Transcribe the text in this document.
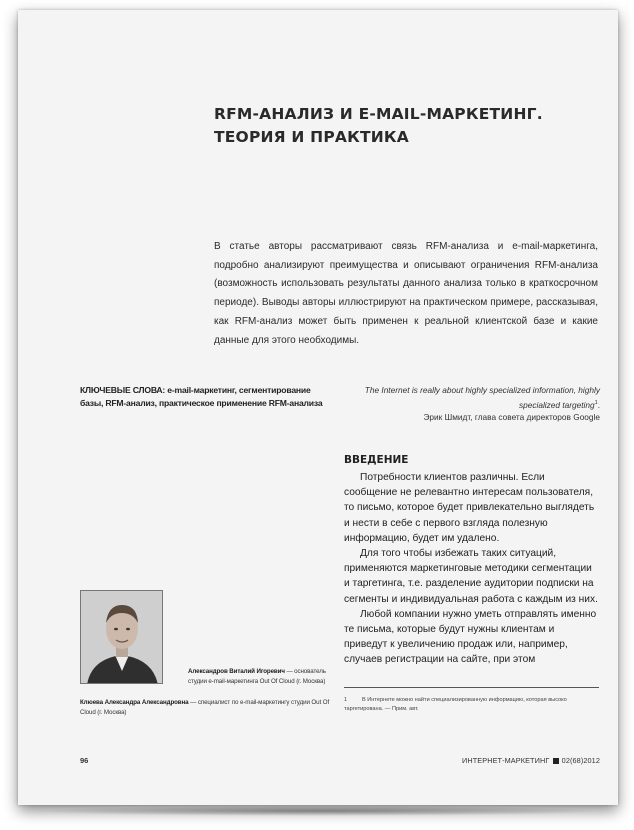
RFM-АНАЛИЗ И E-MAIL-МАРКЕТИНГ.
ТЕОРИЯ И ПРАКТИКА
В статье авторы рассматривают связь RFM-анализа и e-mail-маркетинга, подробно анализируют преимущества и описывают ограничения RFM-анализа (возможность использовать результаты данного анализа только в краткосрочном периоде). Выводы авторы иллюстрируют на практическом примере, рассказывая, как RFM-анализ может быть применен к реальной клиентской базе и какие данные для этого необходимы.
КЛЮЧЕВЫЕ СЛОВА: e-mail-маркетинг, сегментирование базы, RFM-анализ, практическое применение RFM-анализа
The Internet is really about highly specialized information, highly specialized targeting$^1$.
Эрик Шмидт, глава совета директоров Google
ВВЕДЕНИЕ

Потребности клиентов различны. Если сообщение не релевантно интересам пользователя, то письмо, которое будет привлекательно выглядеть и нести в себе с первого взгляда полезную информацию, будет им удалено.

Для того чтобы избежать таких ситуаций, применяются маркетинговые методики сегментации и таргетинга, т.е. разделение аудитории подписки на сегменты и индивидуальная работа с каждым из них.

Любой компании нужно уметь отправлять именно те письма, которые будут нужны клиентам и приведут к увеличению продаж или, например, случаев регистрации на сайте, при этом

Александров Виталий Игоревич — основатель студии e-mail-маркетинга Out Of Cloud (г. Москва)
Клюева Александра Александровна — специалист по e-mail-маркетингу студии Out Of Cloud (г. Москва)
1	В Интернете можно найти специализированную информацию, которая высоко таргетирована. — Прим. авт.
96	ИНТЕРНЕТ-МАРКЕТИНГ 02(68)2012
